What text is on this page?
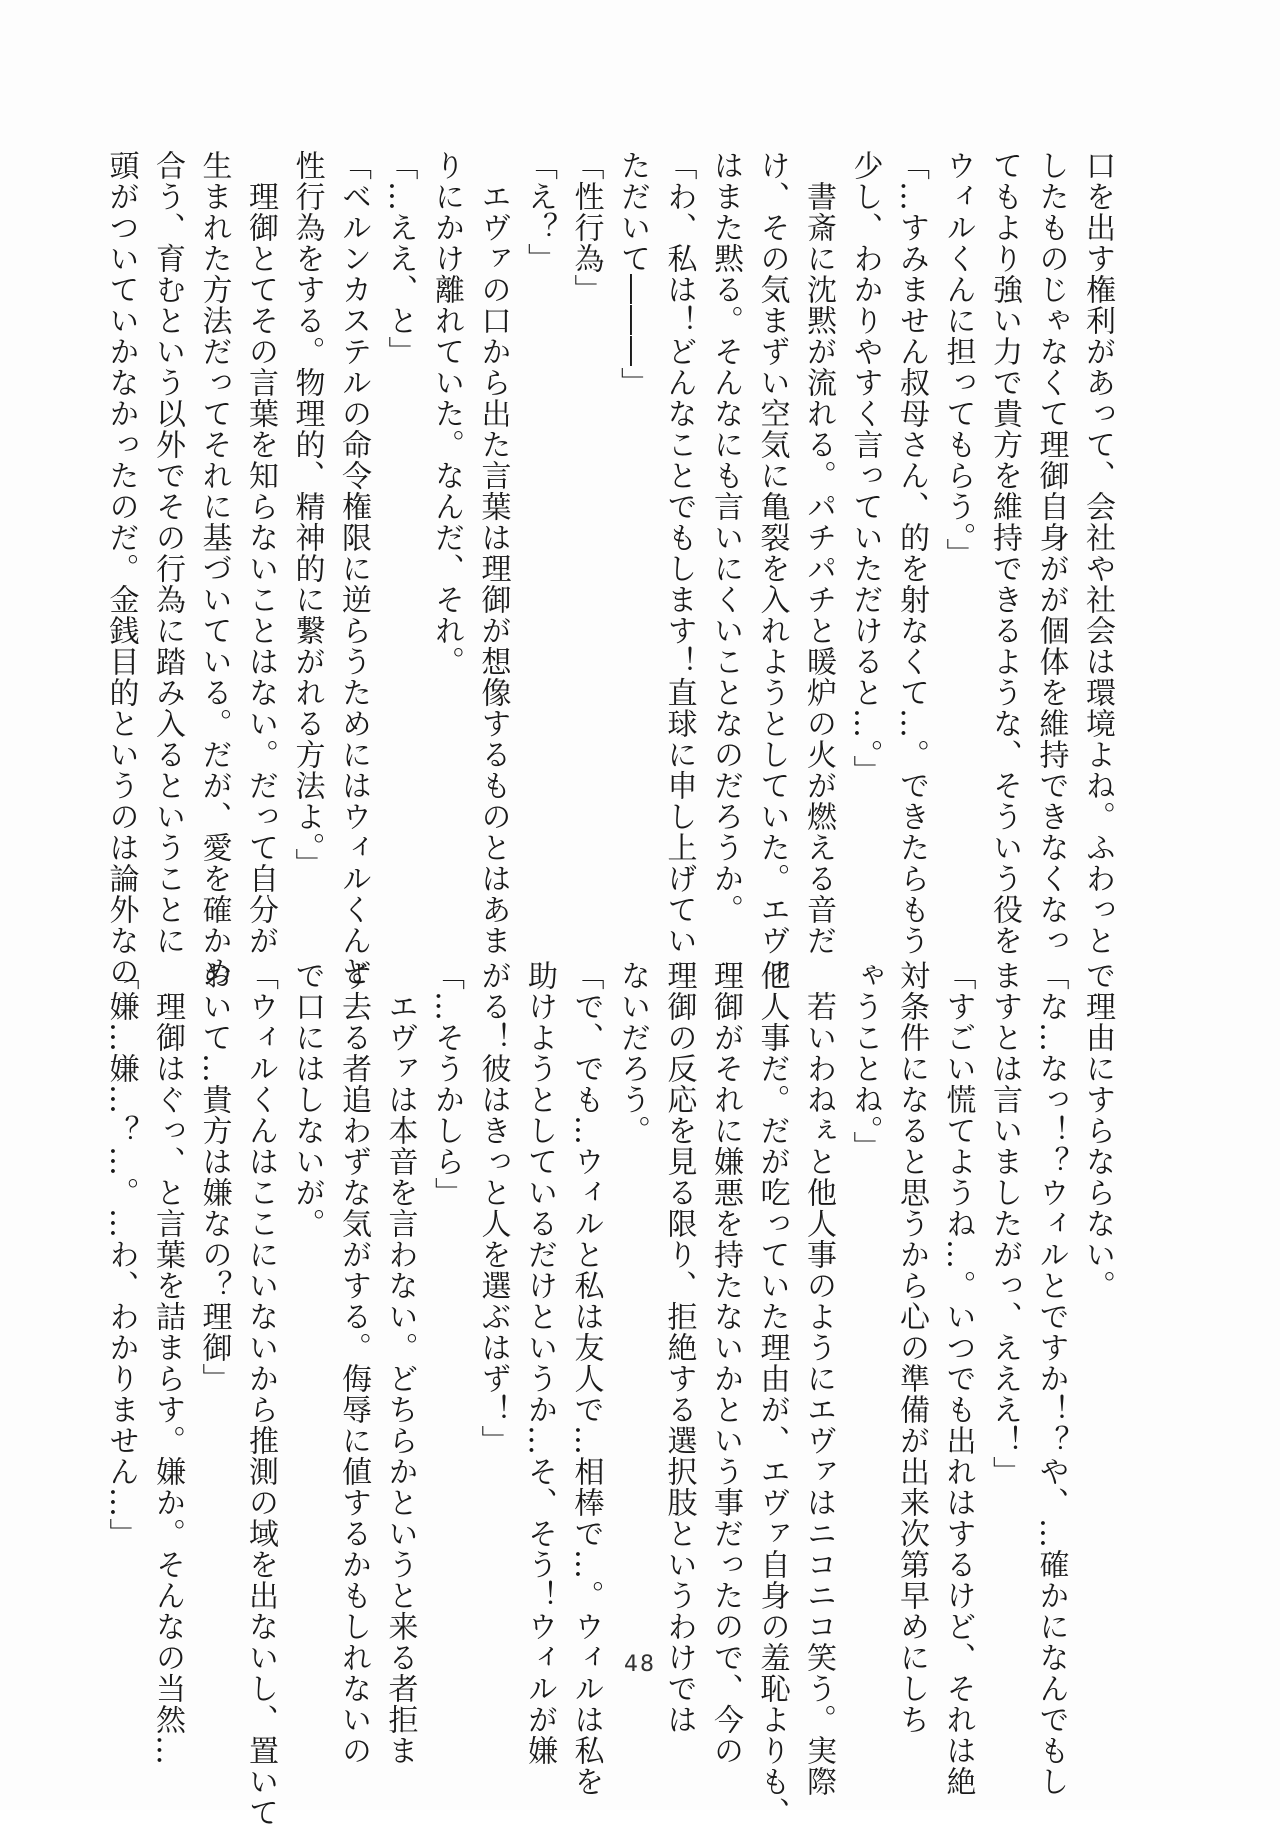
口を出す権利があって、会社や社会は環境よね。ふわっと

したものじゃなくて理御自身がが個体を維持できなくなっ

てもより強い力で貴方を維持できるような、そういう役を

ウィルくんに担ってもらう。」

「…すみません叔母さん、的を射なくて…。できたらもう

少し、わかりやすく言っていただけると…。」

　書斎に沈黙が流れる。パチパチと暖炉の火が燃える音だ

け、その気まずい空気に亀裂を入れようとしていた。エヴァ

はまた黙る。そんなにも言いにくいことなのだろうか。

「わ、私は！どんなことでもします！直球に申し上げてい

ただいて―――」

「性行為」

「え？」

　エヴァの口から出た言葉は理御が想像するものとはあま

りにかけ離れていた。なんだ、それ。

「…ええ、と」

「ベルンカステルの命令権限に逆らうためにはウィルくんと

性行為をする。物理的、精神的に繋がれる方法よ。」

　理御とてその言葉を知らないことはない。だって自分が

生まれた方法だってそれに基づいている。だが、愛を確かめ

合う、育むという以外でその行為に踏み入るということに

頭がついていかなかったのだ。金銭目的というのは論外なの

で理由にすらならない。

「な…なっ！？ウィルとですか！？や、…確かになんでもし

ますとは言いましたがっ、えええ！」

「すごい慌てようね…。いつでも出れはするけど、それは絶

対条件になると思うから心の準備が出来次第早めにしち

ゃうことね。」

　若いわねぇと他人事のようにエヴァはニコニコ笑う。実際

他人事だ。だが吃っていた理由が、エヴァ自身の羞恥よりも、

理御がそれに嫌悪を持たないかという事だったので、今の

理御の反応を見る限り、拒絶する選択肢というわけでは

ないだろう。

「で、でも…ウィルと私は友人で…相棒で…。ウィルは私を

助けようとしているだけというか…そ、そう！ウィルが嫌

がる！彼はきっと人を選ぶはず！」

「…そうかしら」

　エヴァは本音を言わない。どちらかというと来る者拒ま

ず去る者追わずな気がする。侮辱に値するかもしれないの

で口にはしないが。

「ウィルくんはここにいないから推測の域を出ないし、置いて

おいて…貴方は嫌なの？理御」

　理御はぐっ、と言葉を詰まらす。嫌か。そんなの当然…

「嫌…嫌…？…。…わ、わかりません…」

48
